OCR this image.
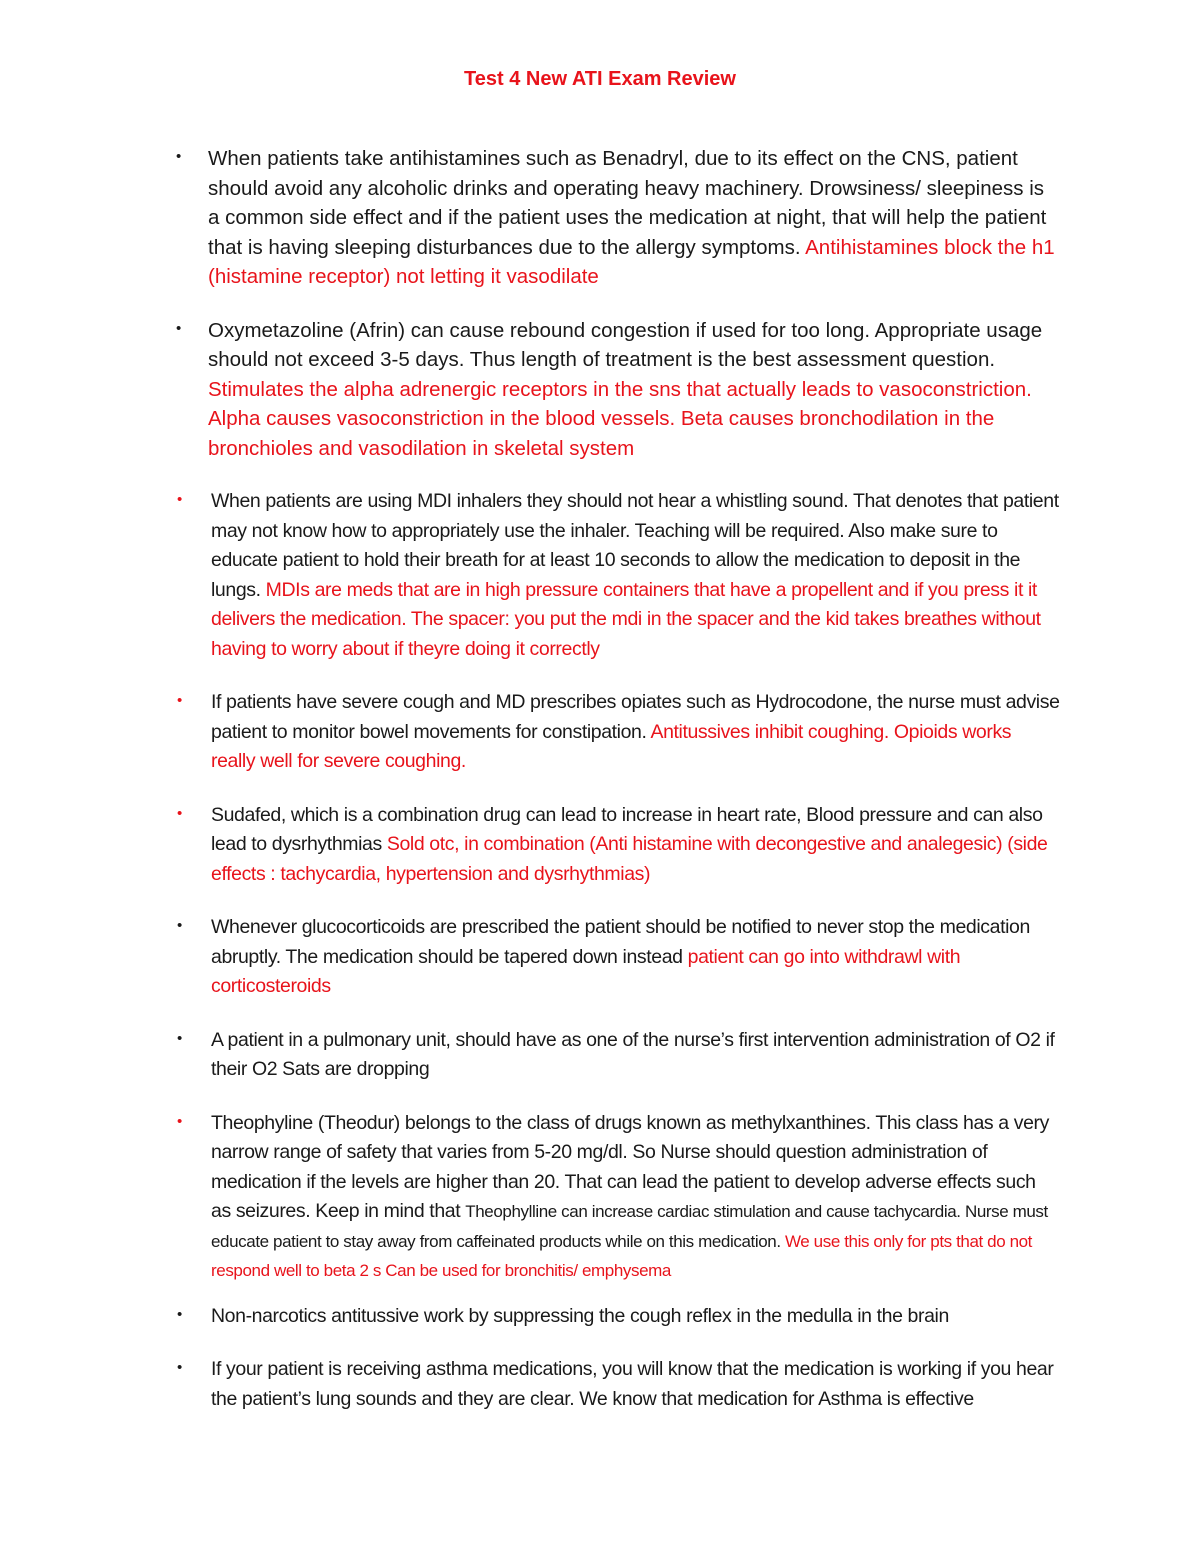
Test 4 New ATI Exam Review
• When patients take antihistamines such as Benadryl, due to its effect on the CNS, patient should avoid any alcoholic drinks and operating heavy machinery. Drowsiness/ sleepiness is a common side effect and if the patient uses the medication at night, that will help the patient that is having sleeping disturbances due to the allergy symptoms. Antihistamines block the h1 (histamine receptor) not letting it vasodilate
• Oxymetazoline (Afrin) can cause rebound congestion if used for too long. Appropriate usage should not exceed 3-5 days. Thus length of treatment is the best assessment question. Stimulates the alpha adrenergic receptors in the sns that actually leads to vasoconstriction. Alpha causes vasoconstriction in the blood vessels. Beta causes bronchodilation in the bronchioles and vasodilation in skeletal system
• When patients are using MDI inhalers they should not hear a whistling sound. That denotes that patient may not know how to appropriately use the inhaler. Teaching will be required. Also make sure to educate patient to hold their breath for at least 10 seconds to allow the medication to deposit in the lungs. MDIs are meds that are in high pressure containers that have a propellent and if you press it it delivers the medication. The spacer: you put the mdi in the spacer and the kid takes breathes without having to worry about if theyre doing it correctly
• If patients have severe cough and MD prescribes opiates such as Hydrocodone, the nurse must advise patient to monitor bowel movements for constipation. Antitussives inhibit coughing. Opioids works really well for severe coughing.
• Sudafed, which is a combination drug can lead to increase in heart rate, Blood pressure and can also lead to dysrhythmias Sold otc, in combination (Anti histamine with decongestive and analegesic) (side effects : tachycardia, hypertension and dysrhythmias)
• Whenever glucocorticoids are prescribed the patient should be notified to never stop the medication abruptly. The medication should be tapered down instead patient can go into withdrawl with corticosteroids
• A patient in a pulmonary unit, should have as one of the nurse’s first intervention administration of O2 if their O2 Sats are dropping
• Theophyline (Theodur) belongs to the class of drugs known as methylxanthines. This class has a very narrow range of safety that varies from 5-20 mg/dl. So Nurse should question administration of medication if the levels are higher than 20. That can lead the patient to develop adverse effects such as seizures. Keep in mind that Theophylline can increase cardiac stimulation and cause tachycardia. Nurse must educate patient to stay away from caffeinated products while on this medication. We use this only for pts that do not respond well to beta 2 s Can be used for bronchitis/ emphysema
• Non-narcotics antitussive work by suppressing the cough reflex in the medulla in the brain
• If your patient is receiving asthma medications, you will know that the medication is working if you hear the patient’s lung sounds and they are clear. We know that medication for Asthma is effective
